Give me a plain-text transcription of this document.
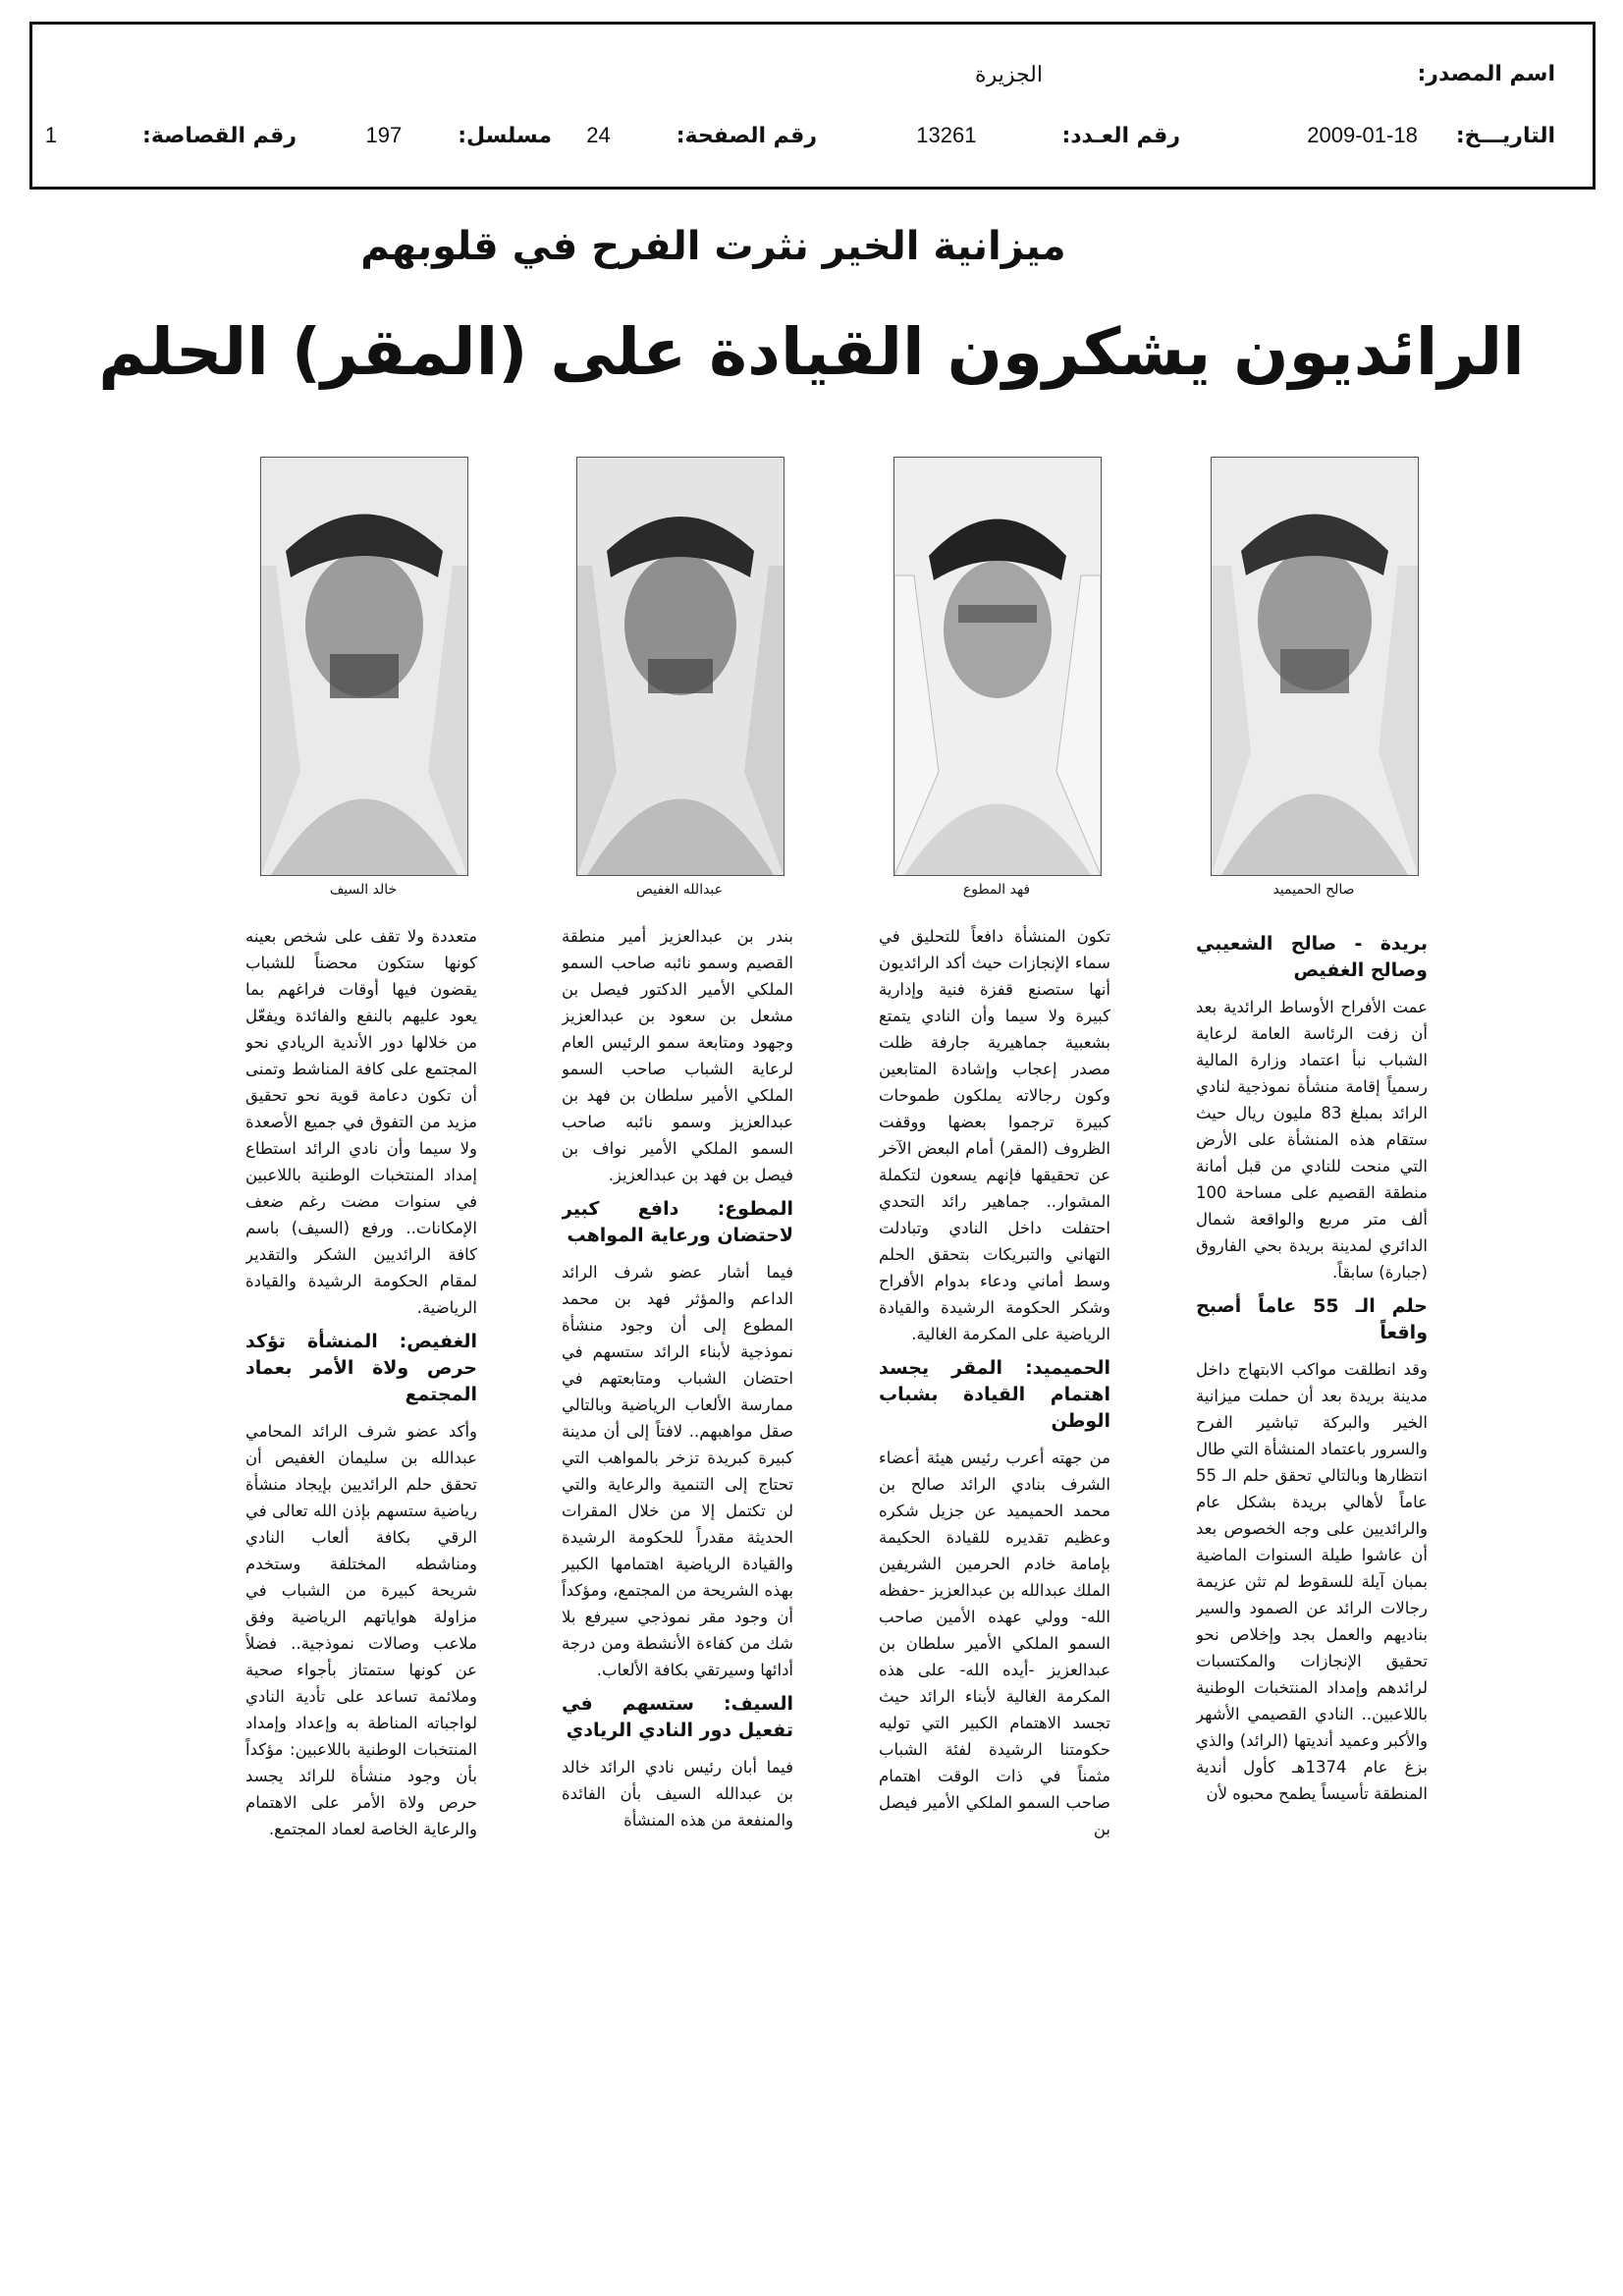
اسم المصدر:
الجزيرة
التاريـــخ: 18-01-2009
رقم العـدد: 13261
رقم الصفحة: 24
مسلسل: 197
رقم القصاصة: 1
ميزانية الخير نثرت الفرح في قلوبهم
الرائديون يشكرون القيادة على (المقر) الحلم
صالح الحميميد
فهد المطوع
عبدالله الغفيص
خالد السيف
بريدة - صالح الشعيبي وصالح الغفيص

عمت الأفراح الأوساط الرائدية بعد أن زفت الرئاسة العامة لرعاية الشباب نبأ اعتماد وزارة المالية رسمياً إقامة منشأة نموذجية لنادي الرائد بمبلغ 83 مليون ريال حيث ستقام هذه المنشأة على الأرض التي منحت للنادي من قبل أمانة منطقة القصيم على مساحة 100 ألف متر مربع والواقعة شمال الدائري لمدينة بريدة بحي الفاروق (جبارة) سابقاً.

حلم الـ 55 عاماً أصبح واقعاً

وقد انطلقت مواكب الابتهاج داخل مدينة بريدة بعد أن حملت ميزانية الخير والبركة تباشير الفرح والسرور باعتماد المنشأة التي طال انتظارها وبالتالي تحقق حلم الـ 55 عاماً لأهالي بريدة بشكل عام والرائديين على وجه الخصوص بعد أن عاشوا طيلة السنوات الماضية بمبان آيلة للسقوط لم تثن عزيمة رجالات الرائد عن الصمود والسير بناديهم والعمل بجد وإخلاص نحو تحقيق الإنجازات والمكتسبات لرائدهم وإمداد المنتخبات الوطنية باللاعبين.. النادي القصيمي الأشهر والأكبر وعميد أنديتها (الرائد) والذي بزغ عام 1374هـ كأول أندية المنطقة تأسيساً يطمح محبوه لأن

تكون المنشأة دافعاً للتحليق في سماء الإنجازات حيث أكد الرائديون أنها ستصنع قفزة فنية وإدارية كبيرة ولا سيما وأن النادي يتمتع بشعبية جماهيرية جارفة ظلت مصدر إعجاب وإشادة المتابعين وكون رجالاته يملكون طموحات كبيرة ترجموا بعضها ووقفت الظروف (المقر) أمام البعض الآخر عن تحقيقها فإنهم يسعون لتكملة المشوار.. جماهير رائد التحدي احتفلت داخل النادي وتبادلت التهاني والتبريكات بتحقق الحلم وسط أماني ودعاء بدوام الأفراح وشكر الحكومة الرشيدة والقيادة الرياضية على المكرمة الغالية.

الحميميد: المقر يجسد اهتمام القيادة بشباب الوطن

من جهته أعرب رئيس هيئة أعضاء الشرف بنادي الرائد صالح بن محمد الحميميد عن جزيل شكره وعظيم تقديره للقيادة الحكيمة بإمامة خادم الحرمين الشريفين الملك عبدالله بن عبدالعزيز -حفظه الله- وولي عهده الأمين صاحب السمو الملكي الأمير سلطان بن عبدالعزيز -أيده الله- على هذه المكرمة الغالية لأبناء الرائد حيث تجسد الاهتمام الكبير التي توليه حكومتنا الرشيدة لفئة الشباب مثمناً في ذات الوقت اهتمام صاحب السمو الملكي الأمير فيصل بن

بندر بن عبدالعزيز أمير منطقة القصيم وسمو نائبه صاحب السمو الملكي الأمير الدكتور فيصل بن مشعل بن سعود بن عبدالعزيز وجهود ومتابعة سمو الرئيس العام لرعاية الشباب صاحب السمو الملكي الأمير سلطان بن فهد بن عبدالعزيز وسمو نائبه صاحب السمو الملكي الأمير نواف بن فيصل بن فهد بن عبدالعزيز.

المطوع: دافع كبير لاحتضان ورعاية المواهب

فيما أشار عضو شرف الرائد الداعم والمؤثر فهد بن محمد المطوع إلى أن وجود منشأة نموذجية لأبناء الرائد ستسهم في احتضان الشباب ومتابعتهم في ممارسة الألعاب الرياضية وبالتالي صقل مواهبهم.. لافتاً إلى أن مدينة كبيرة كبريدة تزخر بالمواهب التي تحتاج إلى التنمية والرعاية والتي لن تكتمل إلا من خلال المقرات الحديثة مقدراً للحكومة الرشيدة والقيادة الرياضية اهتمامها الكبير بهذه الشريحة من المجتمع، ومؤكداً أن وجود مقر نموذجي سيرفع بلا شك من كفاءة الأنشطة ومن درجة أدائها وسيرتقي بكافة الألعاب.

السيف: ستسهم في تفعيل دور النادي الريادي

فيما أبان رئيس نادي الرائد خالد بن عبدالله السيف بأن الفائدة والمنفعة من هذه المنشأة

متعددة ولا تقف على شخص بعينه كونها ستكون محضناً للشباب يقضون فيها أوقات فراغهم بما يعود عليهم بالنفع والفائدة ويفعّل من خلالها دور الأندية الريادي نحو المجتمع على كافة المناشط وتمنى أن تكون دعامة قوية نحو تحقيق مزيد من التفوق في جميع الأصعدة ولا سيما وأن نادي الرائد استطاع إمداد المنتخبات الوطنية باللاعبين في سنوات مضت رغم ضعف الإمكانات.. ورفع (السيف) باسم كافة الرائديين الشكر والتقدير لمقام الحكومة الرشيدة والقيادة الرياضية.

الغفيص: المنشأة تؤكد حرص ولاة الأمر بعماد المجتمع

وأكد عضو شرف الرائد المحامي عبدالله بن سليمان الغفيص أن تحقق حلم الرائديين بإيجاد منشأة رياضية ستسهم بإذن الله تعالى في الرقي بكافة ألعاب النادي ومناشطه المختلفة وستخدم شريحة كبيرة من الشباب في مزاولة هواياتهم الرياضية وفق ملاعب وصالات نموذجية.. فضلاً عن كونها ستمتاز بأجواء صحية وملائمة تساعد على تأدية النادي لواجباته المناطة به وإعداد وإمداد المنتخبات الوطنية باللاعبين: مؤكداً بأن وجود منشأة للرائد يجسد حرص ولاة الأمر على الاهتمام والرعاية الخاصة لعماد المجتمع.
